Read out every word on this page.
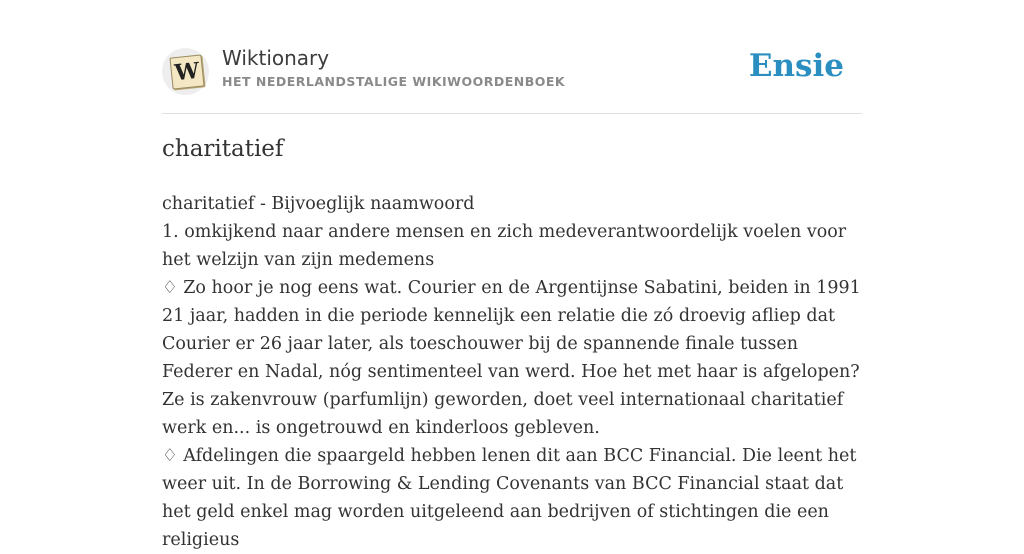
W Wiktionary
HET NEDERLANDSTALIGE WIKIWOORDENBOEK	Ensie
charitatief

charitatief - Bijvoeglijk naamwoord

1. omkijkend naar andere mensen en zich medeverantwoordelijk voelen voor het welzijn van zijn medemens

♢ Zo hoor je nog eens wat. Courier en de Argentijnse Sabatini, beiden in 1991 21 jaar, hadden in die periode kennelijk een relatie die zó droevig afliep dat Courier er 26 jaar later, als toeschouwer bij de spannende finale tussen Federer en Nadal, nóg sentimenteel van werd. Hoe het met haar is afgelopen? Ze is zakenvrouw (parfumlijn) geworden, doet veel internationaal charitatief werk en... is ongetrouwd en kinderloos gebleven.

♢ Afdelingen die spaargeld hebben lenen dit aan BCC Financial. Die leent het weer uit. In de Borrowing & Lending Covenants van BCC Financial staat dat het geld enkel mag worden uitgeleend aan bedrijven of stichtingen die een religieus
